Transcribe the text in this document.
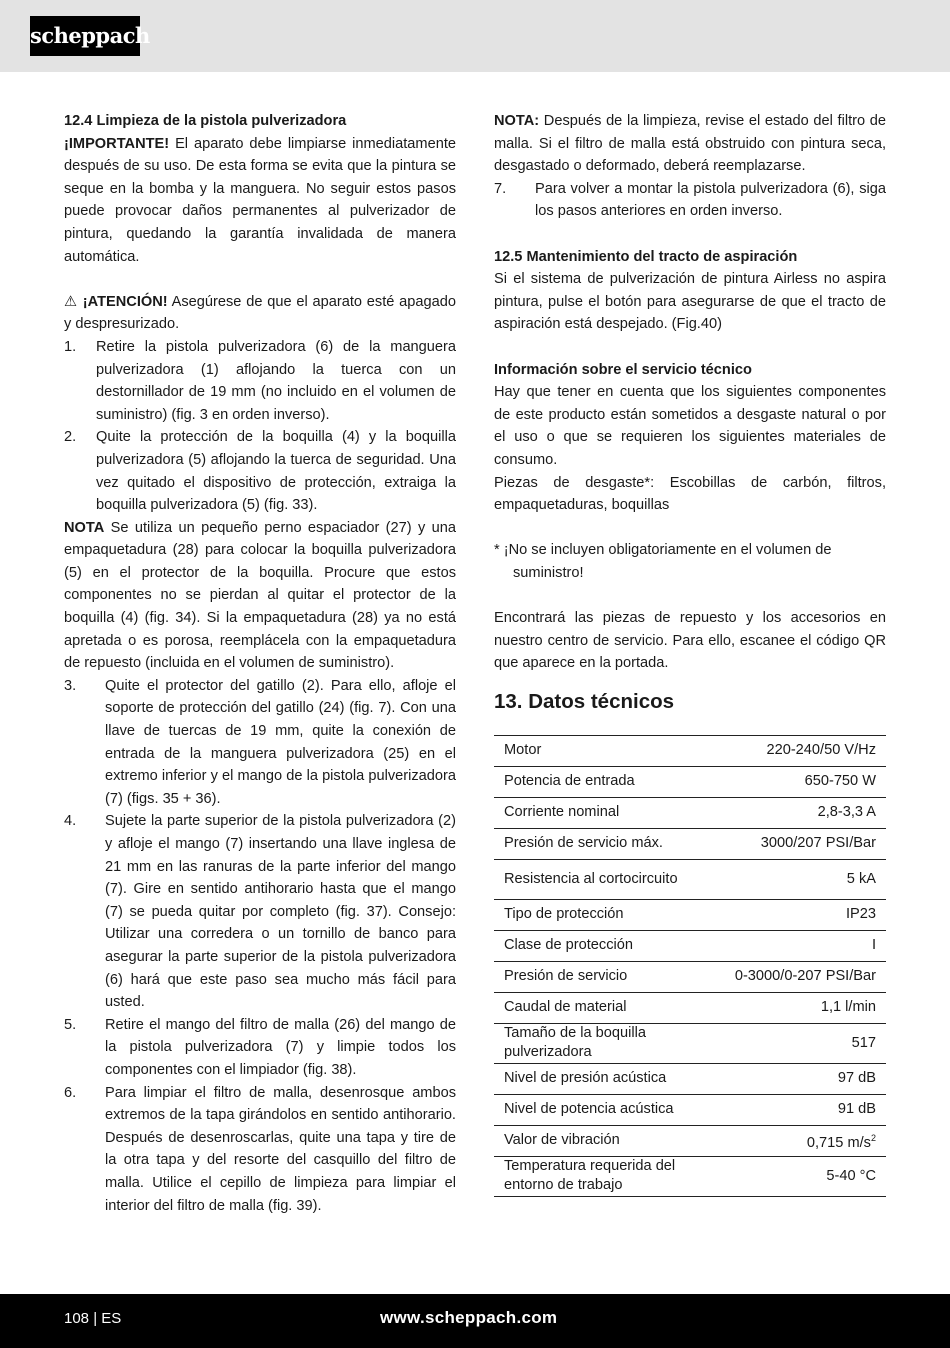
scheppach

12.4 Limpieza de la pistola pulverizadora

¡IMPORTANTE! El aparato debe limpiarse inmediatamente después de su uso. De esta forma se evita que la pintura se seque en la bomba y la manguera. No seguir estos pasos puede provocar daños permanentes al pulverizador de pintura, quedando la garantía invalidada de manera automática.

⚠ ¡ATENCIÓN! Asegúrese de que el aparato esté apagado y despresurizado.

1.	Retire la pistola pulverizadora (6) de la manguera pulverizadora (1) aflojando la tuerca con un destornillador de 19 mm (no incluido en el volumen de suministro) (fig. 3 en orden inverso).
2.	Quite la protección de la boquilla (4) y la boquilla pulverizadora (5) aflojando la tuerca de seguridad. Una vez quitado el dispositivo de protección, extraiga la boquilla pulverizadora (5) (fig. 33).

NOTA Se utiliza un pequeño perno espaciador (27) y una empaquetadura (28) para colocar la boquilla pulverizadora (5) en el protector de la boquilla. Procure que estos componentes no se pierdan al quitar el protector de la boquilla (4) (fig. 34). Si la empaquetadura (28) ya no está apretada o es porosa, reemplácela con la empaquetadura de repuesto (incluida en el volumen de suministro).

3.	Quite el protector del gatillo (2). Para ello, afloje el soporte de protección del gatillo (24) (fig. 7). Con una llave de tuercas de 19 mm, quite la conexión de entrada de la manguera pulverizadora (25) en el extremo inferior y el mango de la pistola pulverizadora (7) (figs. 35 + 36).
4.	Sujete la parte superior de la pistola pulverizadora (2) y afloje el mango (7) insertando una llave inglesa de 21 mm en las ranuras de la parte inferior del mango (7). Gire en sentido antihorario hasta que el mango (7) se pueda quitar por completo (fig. 37). Consejo: Utilizar una corredera o un tornillo de banco para asegurar la parte superior de la pistola pulverizadora (6) hará que este paso sea mucho más fácil para usted.
5.	Retire el mango del filtro de malla (26) del mango de la pistola pulverizadora (7) y limpie todos los componentes con el limpiador (fig. 38).
6.	Para limpiar el filtro de malla, desenrosque ambos extremos de la tapa girándolos en sentido antihorario. Después de desenroscarlas, quite una tapa y tire de la otra tapa y del resorte del casquillo del filtro de malla. Utilice el cepillo de limpieza para limpiar el interior del filtro de malla (fig. 39).

NOTA: Después de la limpieza, revise el estado del filtro de malla. Si el filtro de malla está obstruido con pintura seca, desgastado o deformado, deberá reemplazarse.

7.	Para volver a montar la pistola pulverizadora (6), siga los pasos anteriores en orden inverso.

12.5 Mantenimiento del tracto de aspiración

Si el sistema de pulverización de pintura Airless no aspira pintura, pulse el botón para asegurarse de que el tracto de aspiración está despejado. (Fig.40)

Información sobre el servicio técnico

Hay que tener en cuenta que los siguientes componentes de este producto están sometidos a desgaste natural o por el uso o que se requieren los siguientes materiales de consumo.

Piezas de desgaste*: Escobillas de carbón, filtros, empaquetaduras, boquillas

* ¡No se incluyen obligatoriamente en el volumen de suministro!

Encontrará las piezas de repuesto y los accesorios en nuestro centro de servicio. Para ello, escanee el código QR que aparece en la portada.

13. Datos técnicos
Motor	220-240/50 V/Hz
Potencia de entrada	650-750 W
Corriente nominal	2,8-3,3 A
Presión de servicio máx.	3000/207 PSI/Bar
Resistencia al cortocircuito	5 kA
Tipo de protección	IP23
Clase de protección	I
Presión de servicio	0-3000/0-207 PSI/Bar
Caudal de material	1,1 l/min
Tamaño de la boquilla pulverizadora	517
Nivel de presión acústica	97 dB
Nivel de potencia acústica	91 dB
Valor de vibración	0,715 $m/s^2$
Temperatura requerida del entorno de trabajo	5-40 °C
108 | ES	www.scheppach.com
